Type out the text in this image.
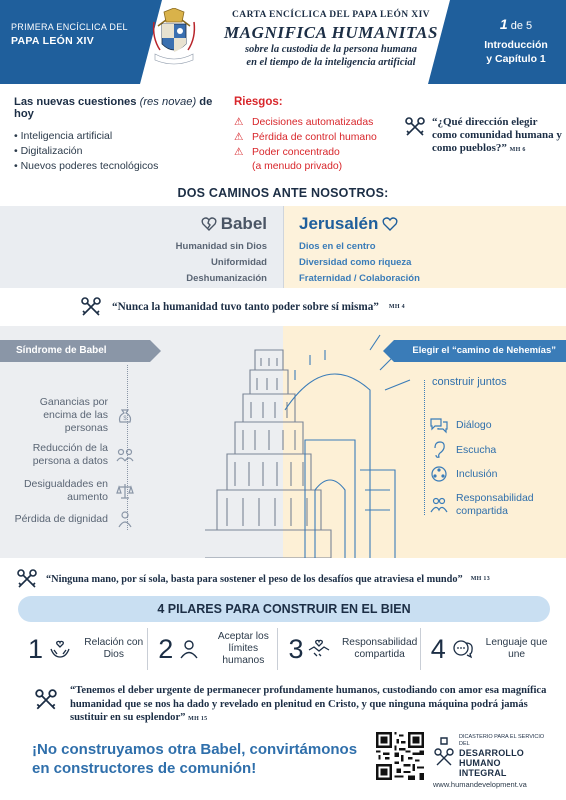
PRIMERA ENCÍCLICA DEL
PAPA LEÓN XIV
CARTA ENCÍCLICA DEL PAPA LEÓN XIV
MAGNIFICA HUMANITAS
sobre la custodia de la persona humana
en el tiempo de la inteligencia artificial
1 de 5
Introducción
y Capítulo 1
Las nuevas cuestiones (res novae) de hoy
• Inteligencia artificial
• Digitalización
• Nuevos poderes tecnológicos
Riesgos:
⚠ Decisiones automatizadas
⚠ Pérdida de control humano
⚠ Poder concentrado
(a menudo privado)
“¿Qué dirección elegir como comunidad humana y como pueblos?” MH 6
DOS CAMINOS ANTE NOSOTROS:
Babel
Humanidad sin Dios
Uniformidad
Deshumanización
Jerusalén
Dios en el centro
Diversidad como riqueza
Fraternidad / Colaboración
“Nunca la humanidad tuvo tanto poder sobre sí misma” MH 4
Síndrome de Babel	Elegir el “camino de Nehemías”
Ganancias por encima de las personas
$
Reducción de la persona a datos
Desigualdades en aumento
Pérdida de dignidad
construir juntos
Diálogo
Escucha
Inclusión
Responsabilidad compartida
“Ninguna mano, por sí sola, basta para sostener el peso de los desafíos que atraviesa el mundo” MH 13
4 PILARES PARA CONSTRUIR EN EL BIEN
1	Relación con Dios	2	Aceptar los límites humanos 3	Responsabilidad compartida 4	Lenguaje que une
“Tenemos el deber urgente de permanecer profundamente humanos, custodiando con amor esa magnífica humanidad que se nos ha dado y revelado en plenitud en Cristo, y que ninguna máquina podrá jamás sustituir en su esplendor” MH 15
¡No construyamos otra Babel, convirtámonos
en constructores de comunión!
DICASTERIO PARA EL SERVICIO DEL
DESARROLLO
HUMANO
INTEGRAL
www.humandevelopment.va
